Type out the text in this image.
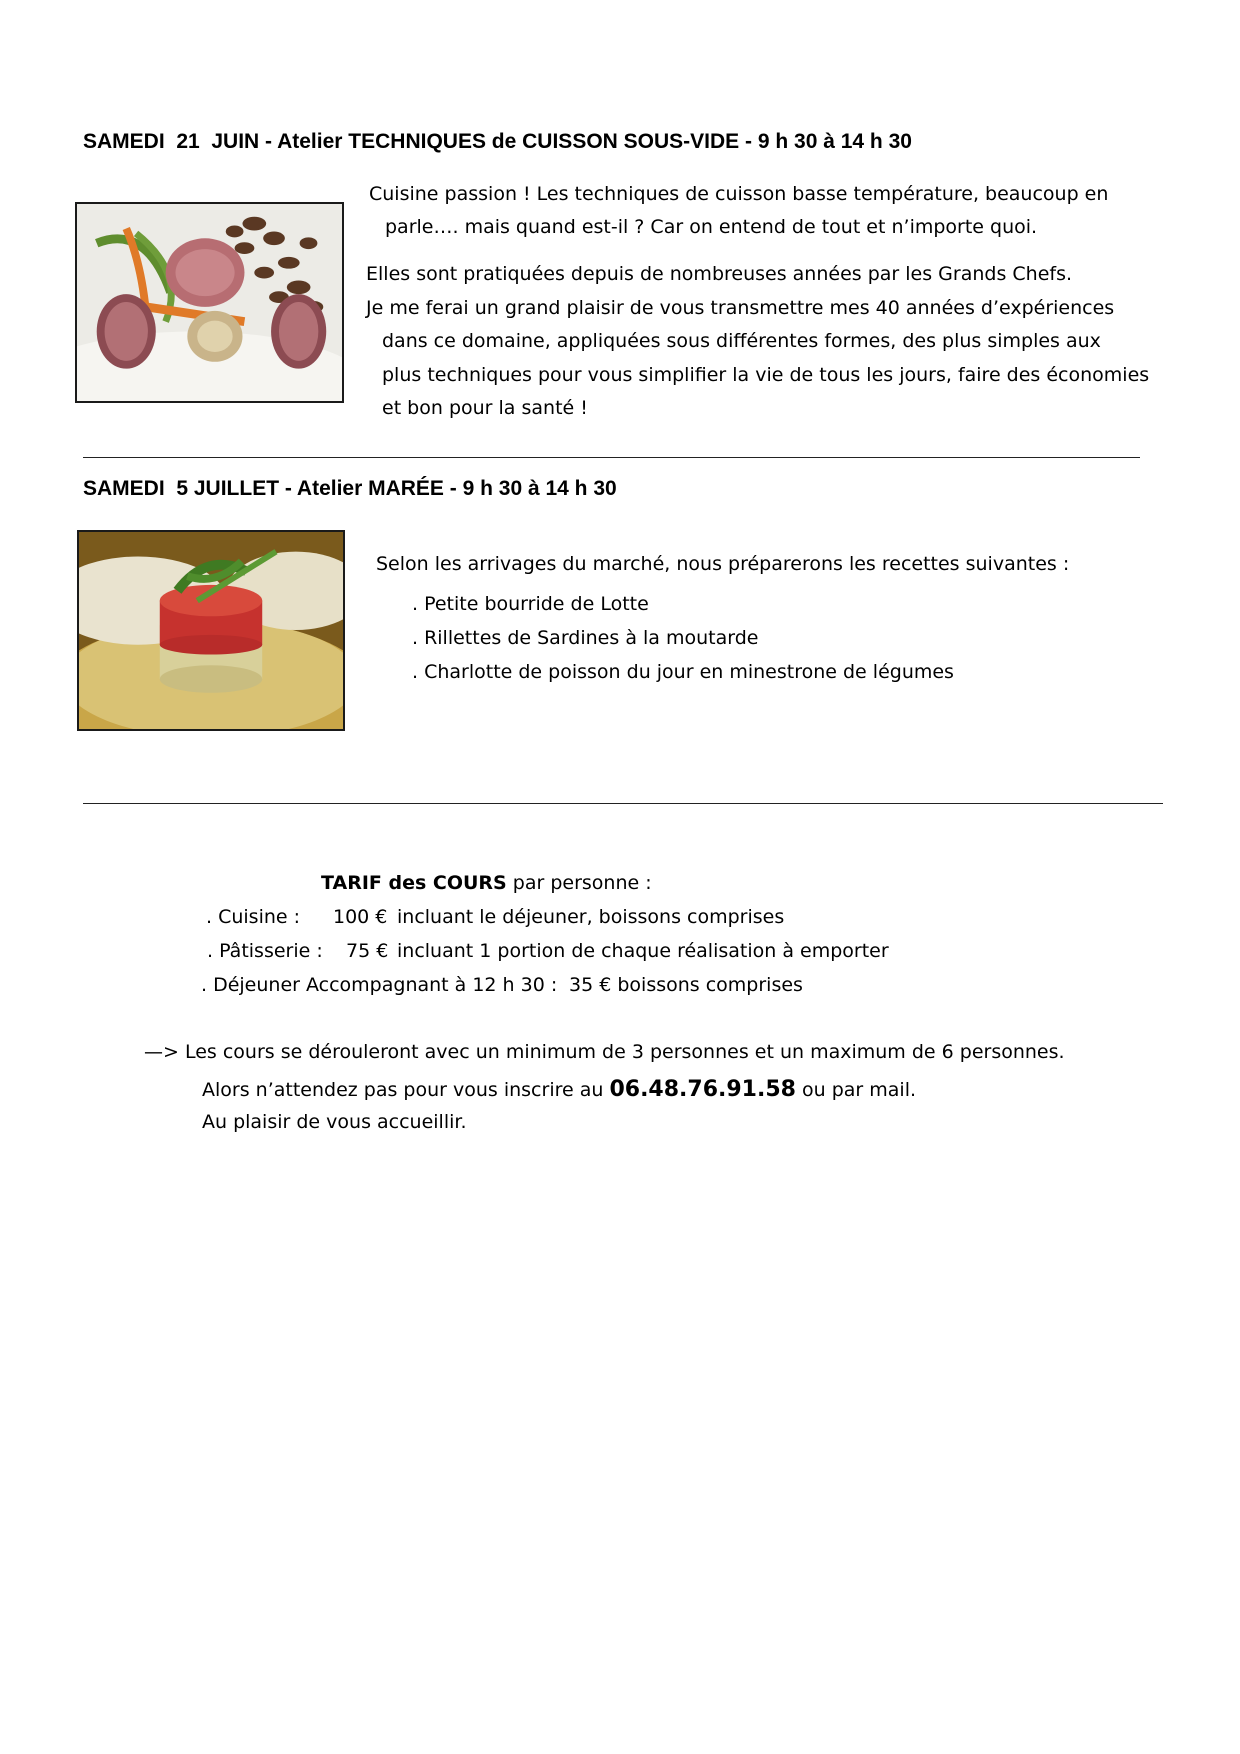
SAMEDI  21  JUIN - Atelier TECHNIQUES de CUISSON SOUS-VIDE - 9 h 30 à 14 h 30

Cuisine passion ! Les techniques de cuisson basse température, beaucoup en

parle…. mais quand est-il ? Car on entend de tout et n’importe quoi.

Elles sont pratiquées depuis de nombreuses années par les Grands Chefs.
Je me ferai un grand plaisir de vous transmettre mes 40 années d’expériences
dans ce domaine, appliquées sous différentes formes, des plus simples aux
plus techniques pour vous simplifier la vie de tous les jours, faire des économies
et bon pour la santé !

SAMEDI  5 JUILLET - Atelier MARÉE - 9 h 30 à 14 h 30

Selon les arrivages du marché, nous préparerons les recettes suivantes :

. Petite bourride de Lotte
. Rillettes de Sardines à la moutarde
. Charlotte de poisson du jour en minestrone de légumes

TARIF des COURS par personne :

. Cuisine : 100 € incluant le déjeuner, boissons comprises

. Pâtisserie : 75 € incluant 1 portion de chaque réalisation à emporter

. Déjeuner Accompagnant à 12 h 30 : 35 € boissons comprises

—> Les cours se dérouleront avec un minimum de 3 personnes et un maximum de 6 personnes.

Alors n’attendez pas pour vous inscrire au 06.48.76.91.58 ou par mail.

Au plaisir de vous accueillir.
